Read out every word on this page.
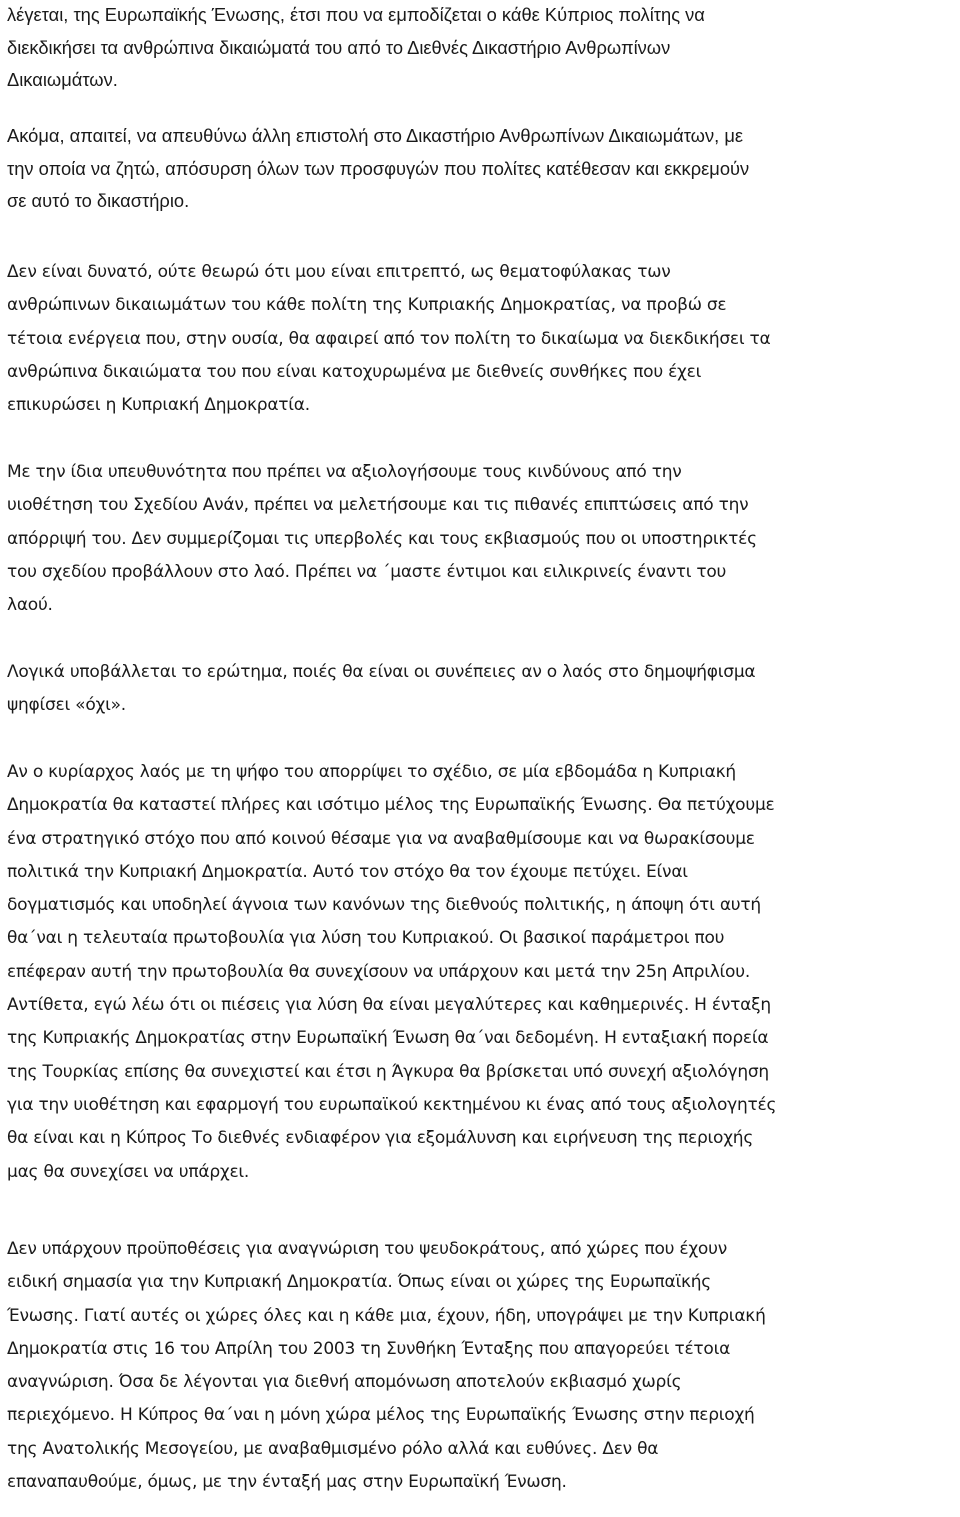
λέγεται, της Ευρωπαϊκής Ένωσης, έτσι που να εμποδίζεται ο κάθε Κύπριος πολίτης να
διεκδικήσει τα ανθρώπινα δικαιώματά του από το Διεθνές Δικαστήριο Ανθρωπίνων
Δικαιωμάτων.
Ακόμα, απαιτεί, να απευθύνω άλλη επιστολή στο Δικαστήριο Ανθρωπίνων Δικαιωμάτων, με
την οποία να ζητώ, απόσυρση όλων των προσφυγών που πολίτες κατέθεσαν και εκκρεμούν
σε αυτό το δικαστήριο.
Δεν είναι δυνατό, ούτε θεωρώ ότι μου είναι επιτρεπτό, ως θεματοφύλακας των
ανθρώπινων δικαιωμάτων του κάθε πολίτη της Κυπριακής Δημοκρατίας, να προβώ σε
τέτοια ενέργεια που, στην ουσία, θα αφαιρεί από τον πολίτη το δικαίωμα να διεκδικήσει τα
ανθρώπινα δικαιώματα του που είναι κατοχυρωμένα με διεθνείς συνθήκες που έχει
επικυρώσει η Κυπριακή Δημοκρατία.
Με την ίδια υπευθυνότητα που πρέπει να αξιολογήσουμε τους κινδύνους από την
υιοθέτηση του Σχεδίου Ανάν, πρέπει να μελετήσουμε και τις πιθανές επιπτώσεις από την
απόρριψή του. Δεν συμμερίζομαι τις υπερβολές και τους εκβιασμούς που οι υποστηρικτές
του σχεδίου προβάλλουν στο λαό. Πρέπει να ΄μαστε έντιμοι και ειλικρινείς έναντι του
λαού.
Λογικά υποβάλλεται το ερώτημα, ποιές θα είναι οι συνέπειες αν ο λαός στο δημοψήφισμα
ψηφίσει «όχι».
Αν ο κυρίαρχος λαός με τη ψήφο του απορρίψει το σχέδιο, σε μία εβδομάδα η Κυπριακή
Δημοκρατία θα καταστεί πλήρες και ισότιμο μέλος της Ευρωπαϊκής Ένωσης. Θα πετύχουμε
ένα στρατηγικό στόχο που από κοινού θέσαμε για να αναβαθμίσουμε και να θωρακίσουμε
πολιτικά την Κυπριακή Δημοκρατία. Αυτό τον στόχο θα τον έχουμε πετύχει. Είναι
δογματισμός και υποδηλεί άγνοια των κανόνων της διεθνούς πολιτικής, η άποψη ότι αυτή
θα΄ναι η τελευταία πρωτοβουλία για λύση του Κυπριακού. Οι βασικοί παράμετροι που
επέφεραν αυτή την πρωτοβουλία θα συνεχίσουν να υπάρχουν και μετά την 25η Απριλίου.
Αντίθετα, εγώ λέω ότι οι πιέσεις για λύση θα είναι μεγαλύτερες και καθημερινές. Η ένταξη
της Κυπριακής Δημοκρατίας στην Ευρωπαϊκή Ένωση θα΄ναι δεδομένη. Η ενταξιακή πορεία
της Τουρκίας επίσης θα συνεχιστεί και έτσι η Άγκυρα θα βρίσκεται υπό συνεχή αξιολόγηση
για την υιοθέτηση και εφαρμογή του ευρωπαϊκού κεκτημένου κι ένας από τους αξιολογητές
θα είναι και η Κύπρος Το διεθνές ενδιαφέρον για εξομάλυνση και ειρήνευση της περιοχής
μας θα συνεχίσει να υπάρχει.
Δεν υπάρχουν προϋποθέσεις για αναγνώριση του ψευδοκράτους, από χώρες που έχουν
ειδική σημασία για την Κυπριακή Δημοκρατία. Όπως είναι οι χώρες της Ευρωπαϊκής
Ένωσης. Γιατί αυτές οι χώρες όλες και η κάθε μια, έχουν, ήδη, υπογράψει με την Κυπριακή
Δημοκρατία στις 16 του Απρίλη του 2003 τη Συνθήκη Ένταξης που απαγορεύει τέτοια
αναγνώριση. Όσα δε λέγονται για διεθνή απομόνωση αποτελούν εκβιασμό χωρίς
περιεχόμενο. Η Κύπρος θα΄ναι η μόνη χώρα μέλος της Ευρωπαϊκής Ένωσης στην περιοχή
της Ανατολικής Μεσογείου, με αναβαθμισμένο ρόλο αλλά και ευθύνες. Δεν θα
επαναπαυθούμε, όμως, με την ένταξή μας στην Ευρωπαϊκή Ένωση.
